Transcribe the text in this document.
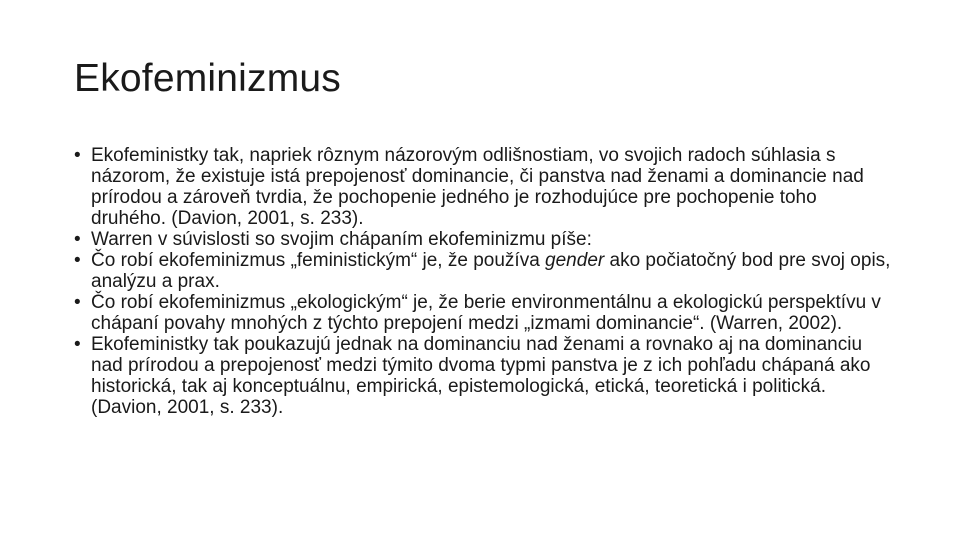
Ekofeminizmus
• Ekofeministky tak, napriek rôznym názorovým odlišnostiam, vo svojich radoch súhlasia s názorom, že existuje istá prepojenosť dominancie, či panstva nad ženami a dominancie nad prírodou a zároveň tvrdia, že pochopenie jedného je rozhodujúce pre pochopenie toho druhého. (Davion, 2001, s. 233).
• Warren v súvislosti so svojim chápaním ekofeminizmu píše:
• Čo robí ekofeminizmus „feministickým“ je, že používa gender ako počiatočný bod pre svoj opis, analýzu a prax.
• Čo robí ekofeminizmus „ekologickým“ je, že berie environmentálnu a ekologickú perspektívu v chápaní povahy mnohých z týchto prepojení medzi „izmami dominancie“. (Warren, 2002).
• Ekofeministky tak poukazujú jednak na dominanciu nad ženami a rovnako aj na dominanciu nad prírodou a prepojenosť medzi týmito dvoma typmi panstva je z ich pohľadu chápaná ako historická, tak aj konceptuálnu, empirická, epistemologická, etická, teoretická i politická.(Davion, 2001, s. 233).
